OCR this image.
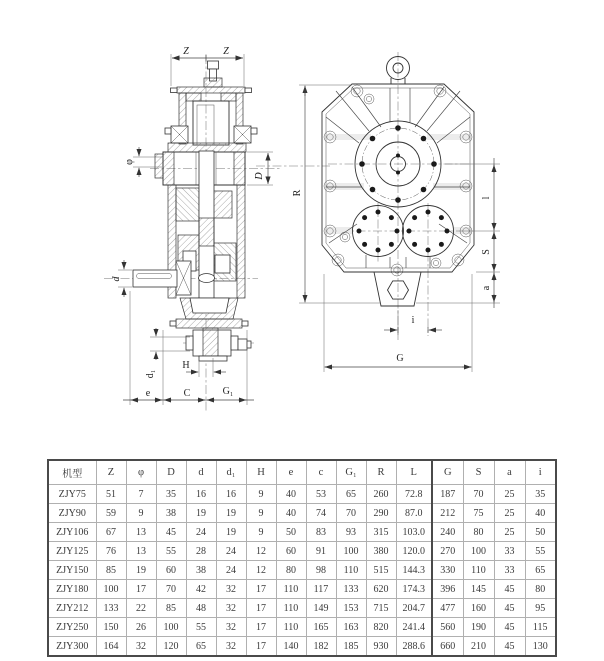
Z	Z
φ
D
d
d₁
H
e	C	G₁
R
l
S
a
i
G
机型	Z	φ	D	d	d₁	H	e	c	G₁	R	L	G	S	a	i
ZJY75	51	7	35	16	16	9	40	53	65	260	72.8	187	70	25	35
ZJY90	59	9	38	19	19	9	40	74	70	290	87.0	212	75	25	40
ZJY106	67	13	45	24	19	9	50	83	93	315	103.0	240	80	25	50
ZJY125	76	13	55	28	24	12	60	91	100	380	120.0	270	100	33	55
ZJY150	85	19	60	38	24	12	80	98	110	515	144.3	330	110	33	65
ZJY180	100	17	70	42	32	17	110	117	133	620	174.3	396	145	45	80
ZJY212	133	22	85	48	32	17	110	149	153	715	204.7	477	160	45	95
ZJY250	150	26	100	55	32	17	110	165	163	820	241.4	560	190	45	115
ZJY300	164	32	120	65	32	17	140	182	185	930	288.6	660	210	45	130
